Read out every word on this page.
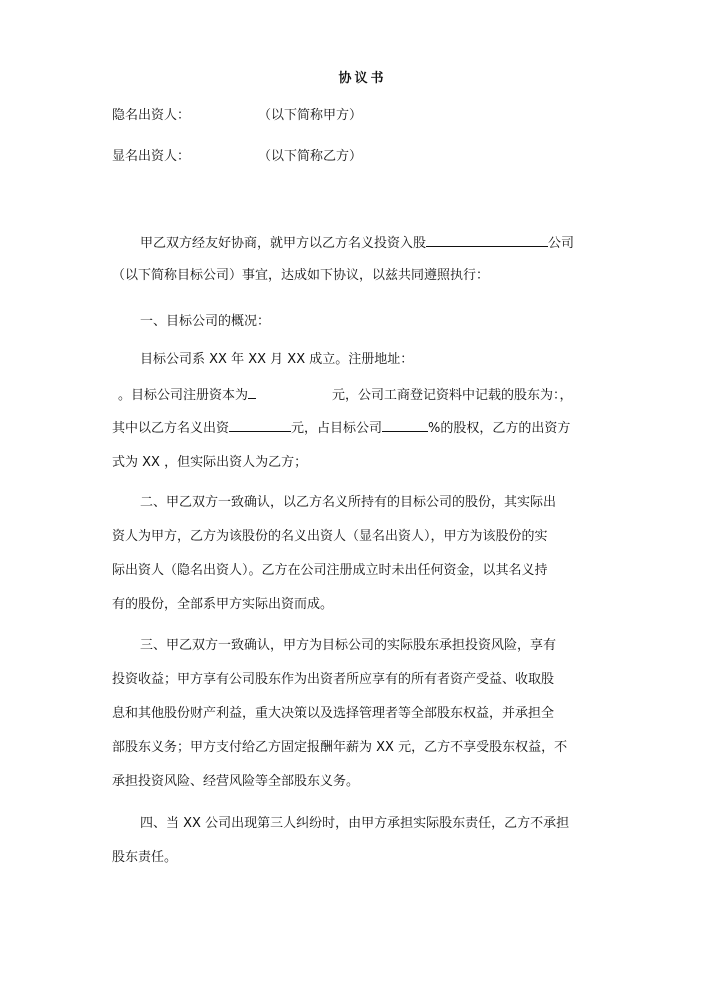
协议书
隐名出资人：	（以下简称甲方）
显名出资人：	（以下简称乙方）
甲乙双方经友好协商，就甲方以乙方名义投资入股	公司
（以下简称目标公司）事宜，达成如下协议，以兹共同遵照执行：
一、目标公司的概况：
目标公司系 XX 年 XX 月 XX 成立。注册地址：
。目标公司注册资本为	元，公司工商登记资料中记载的股东为：，
其中以乙方名义出资	元，占目标公司	%的股权，乙方的出资方
式为 XX ，但实际出资人为乙方；
二、甲乙双方一致确认，以乙方名义所持有的目标公司的股份，其实际出
资人为甲方，乙方为该股份的名义出资人（显名出资人），甲方为该股份的实
际出资人（隐名出资人）。乙方在公司注册成立时未出任何资金，以其名义持
有的股份，全部系甲方实际出资而成。
三、甲乙双方一致确认，甲方为目标公司的实际股东承担投资风险，享有
投资收益；甲方享有公司股东作为出资者所应享有的所有者资产受益、收取股
息和其他股份财产利益，重大决策以及选择管理者等全部股东权益，并承担全
部股东义务；甲方支付给乙方固定报酬年薪为 XX 元，乙方不享受股东权益，不
承担投资风险、经营风险等全部股东义务。
四、当 XX 公司出现第三人纠纷时，由甲方承担实际股东责任，乙方不承担
股东责任。
